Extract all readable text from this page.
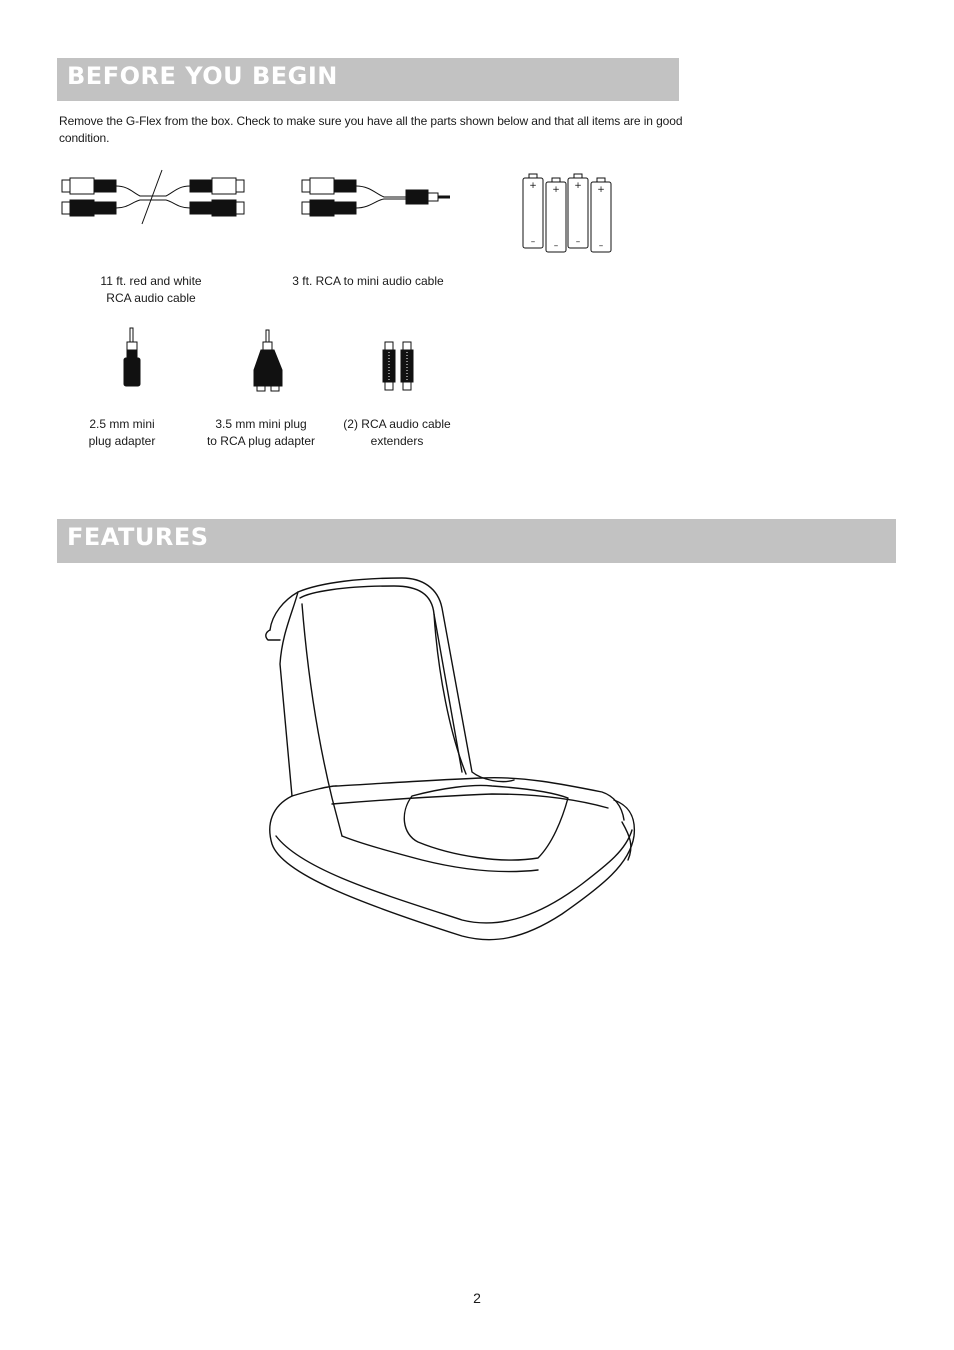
BEFORE YOU BEGIN

Remove the G-Flex from the box. Check to make sure you have all the parts shown below and that all items are in good condition.

+ + + +
– – – –
11 ft. red and white
RCA audio cable
3 ft. RCA to mini audio cable
2.5 mm mini
plug adapter
3.5 mm mini plug
to RCA plug adapter
(2) RCA audio cable
extenders
FEATURES
2
